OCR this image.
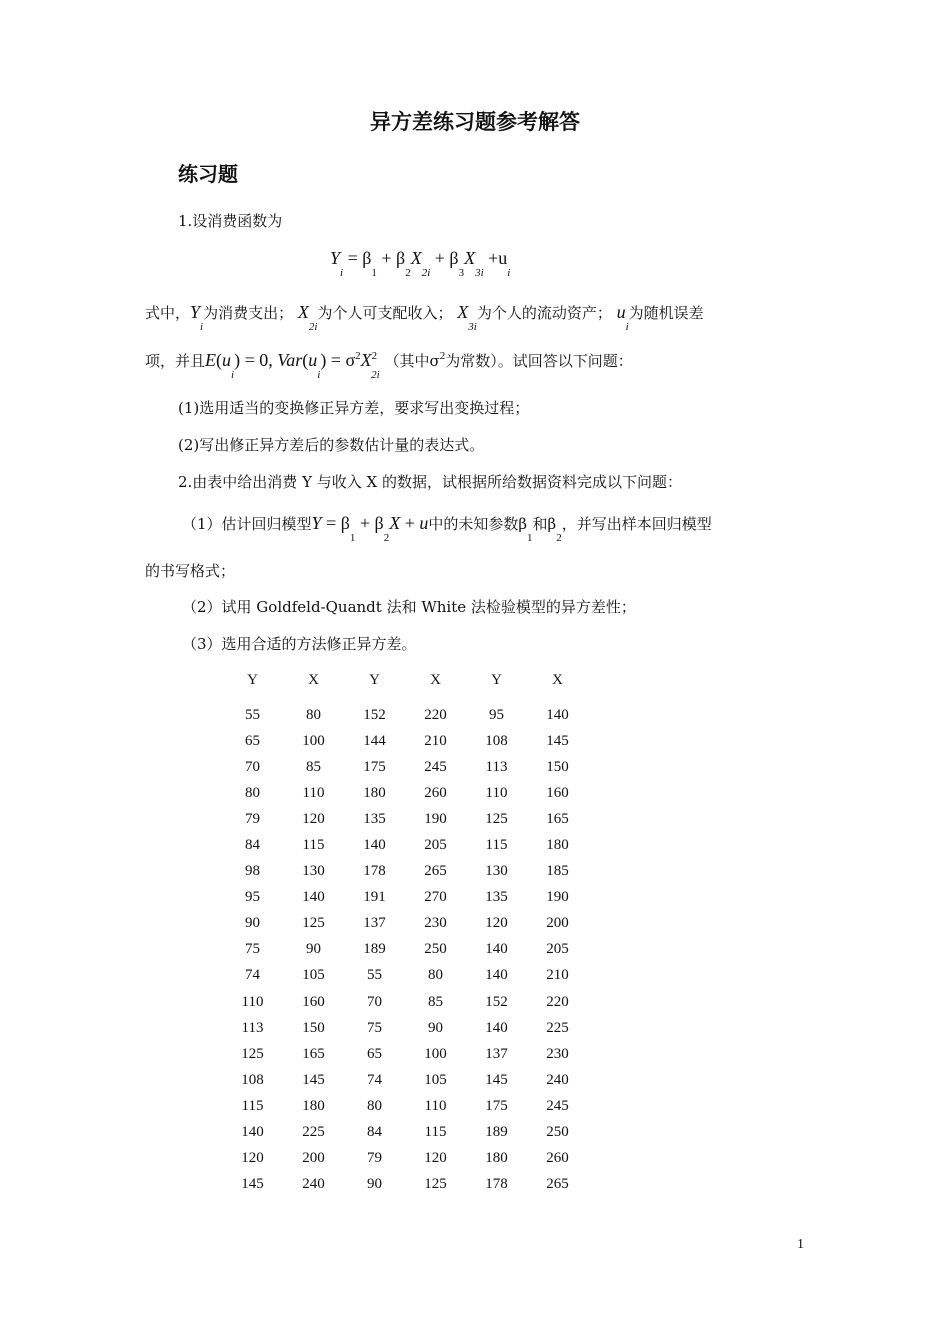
异方差练习题参考解答
练习题
1.设消费函数为
$Y_i = \beta_1 + \beta_2X_{2i} + \beta_3X_{3i} +u_i$
式中，$Y_i$为消费支出； $X_{2i}$为个人可支配收入； $X_{3i}$为个人的流动资产； $u_i$为随机误差
项，并且$E(u_i) = 0$, $Var(u_i) = \sigma^2X^2_{2i}$ （其中$\sigma^2$为常数）。试回答以下问题：
(1)选用适当的变换修正异方差，要求写出变换过程；
(2)写出修正异方差后的参数估计量的表达式。
2.由表中给出消费 Y 与收入 X 的数据，试根据所给数据资料完成以下问题：
（1）估计回归模型$Y = \beta_1 + \beta_2X + u$中的未知参数$\beta_1$和$\beta_2$，并写出样本回归模型
的书写格式；
（2）试用 Goldfeld-Quandt 法和 White 法检验模型的异方差性；
（3）选用合适的方法修正异方差。
Y	X	Y	X	Y	X
55	80	152	220	95	140
65	100	144	210	108	145
70	85	175	245	113	150
80	110	180	260	110	160
79	120	135	190	125	165
84	115	140	205	115	180
98	130	178	265	130	185
95	140	191	270	135	190
90	125	137	230	120	200
75	90	189	250	140	205
74	105	55	80	140	210
110	160	70	85	152	220
113	150	75	90	140	225
125	165	65	100	137	230
108	145	74	105	145	240
115	180	80	110	175	245
140	225	84	115	189	250
120	200	79	120	180	260
145	240	90	125	178	265
1
